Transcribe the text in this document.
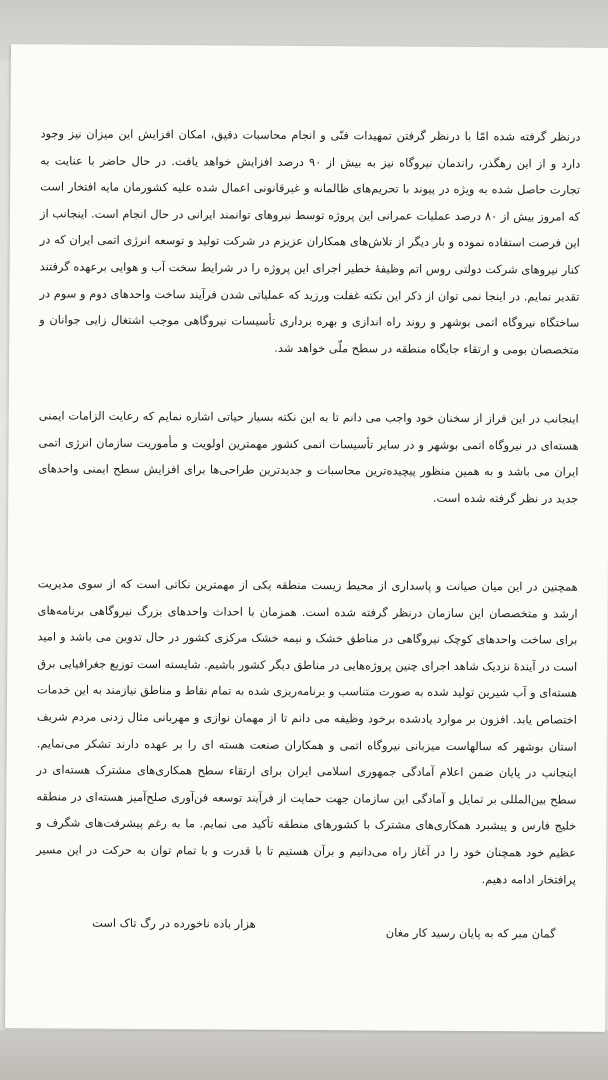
درنظر گرفته شده امّا با درنظر گرفتن تمهیدات فنّی و انجام محاسبات دقیق، امکان افزایش این میزان نیز وجود دارد و از این رهگذر، راندمان نیروگاه نیز به بیش از ۹۰ درصد افزایش خواهد یافت. در حال حاضر با عنایت به تجارت حاصل شده به ویژه در پیوند با تحریم‌های ظالمانه و غیرقانونی اعمال شده علیه کشورمان مایه افتخار است که امروز بیش از ۸۰ درصد عملیات عمرانی این پروژه توسط نیروهای توانمند ایرانی در حال انجام است. اینجانب از این فرصت استفاده نموده و بار دیگر از تلاش‌های همکاران عزیزم در شرکت تولید و توسعه انرژی اتمی ایران که در کنار نیروهای شرکت دولتی روس اتم وظیفهٔ خطیر اجرای این پروژه را در شرایط سخت آب و هوایی برعهده گرفتند تقدیر نمایم. در اینجا نمی توان از ذکر این نکته غفلت ورزید که عملیاتی شدن فرآیند ساخت واحدهای دوم و سوم در ساختگاه نیروگاه اتمی بوشهر و روند راه اندازی و بهره برداری تأسیسات نیروگاهی موجب اشتغال زایی جوانان و متخصصان بومی و ارتقاء جایگاه منطقه در سطح ملّی خواهد شد.

اینجانب در این فراز از سخنان خود واجب می دانم تا به این نکته بسیار حیاتی اشاره نمایم که رعایت الزامات ایمنی هسته‌ای در نیروگاه اتمی بوشهر و در سایر تأسیسات اتمی کشور مهمترین اولویت و مأموریت سازمان انرژی اتمی ایران می باشد و به همین منظور پیچیده‌ترین محاسبات و جدیدترین طراحی‌ها برای افزایش سطح ایمنی واحدهای جدید در نظر گرفته شده است.

همچنین در این میان صیانت و پاسداری از محیط زیست منطقه یکی از مهمترین نکاتی است که از سوی مدیریت ارشد و متخصصان این سازمان درنظر گرفته شده است. همزمان با احداث واحدهای بزرگ نیروگاهی برنامه‌های برای ساخت واحدهای کوچک نیروگاهی در مناطق خشک و نیمه خشک مرکزی کشور در حال تدوین می باشد و امید است در آیندهٔ نزدیک شاهد اجرای چنین پروژه‌هایی در مناطق دیگر کشور باشیم. شایسته است توزیع جغرافیایی برق هسته‌ای و آب شیرین تولید شده به صورت متناسب و برنامه‌ریزی شده به تمام نقاط و مناطق نیازمند به این خدمات اختصاص یابد. افزون بر موارد یادشده برخود وظیفه می دانم تا از مهمان نوازی و مهربانی مثال زدنی مردم شریف استان بوشهر که سالهاست میزبانی نیروگاه اتمی و همکاران صنعت هسته ای را بر عهده دارند تشکر می‌نمایم. اینجانب در پایان ضمن اعلام آمادگی جمهوری اسلامی ایران برای ارتقاء سطح همکاری‌های مشترک هسته‌ای در سطح بین‌المللی بر تمایل و آمادگی این سازمان جهت حمایت از فرآیند توسعه فن‌آوری صلح‌آمیز هسته‌ای در منطقه خلیج فارس و پیشبرد همکاری‌های مشترک با کشورهای منطقه تأکید می نمایم. ما به رغم پیشرفت‌های شگرف و عظیم خود همچنان خود را در آغاز راه می‌دانیم و برآن هستیم تا با قدرت و با تمام توان به حرکت در این مسیر پرافتخار ادامه دهیم.

گمان مبر که به پایان رسید کار مغان
هزار باده ناخورده در رگ تاک است
